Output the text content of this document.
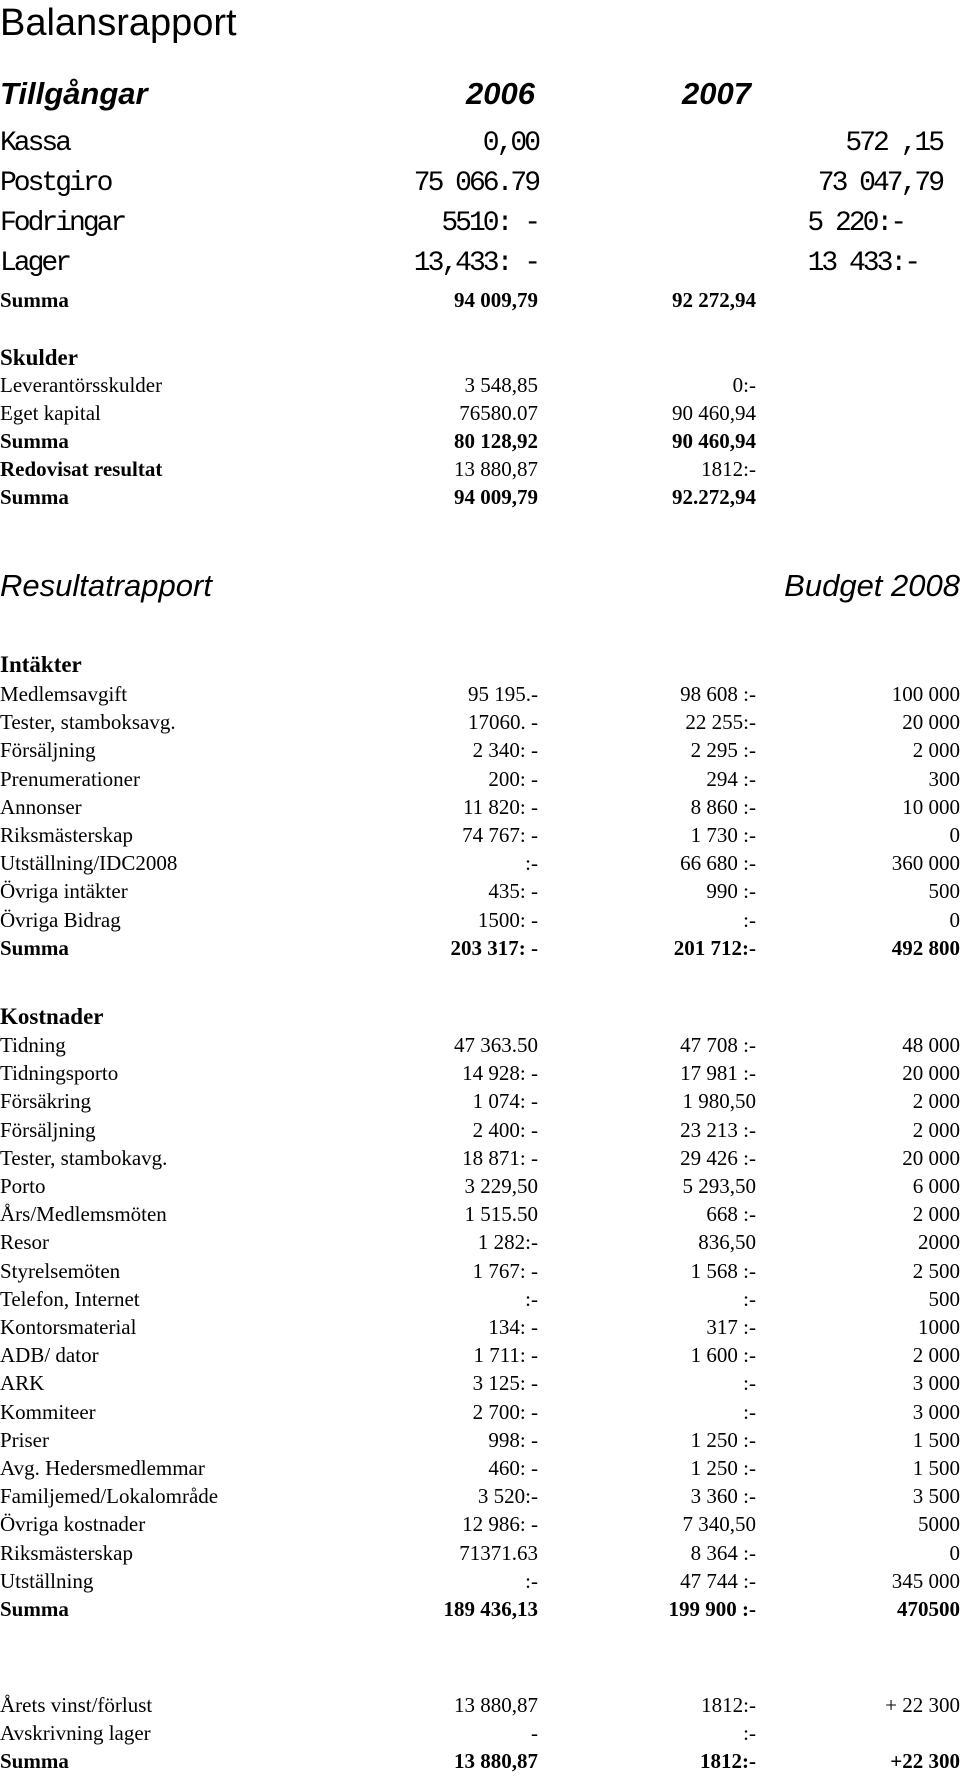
Balansrapport
Tillgångar	2006	2007
Kassa	0,00	572 ,15
Postgiro	75 066.79	73 047,79
Fodringar	5510: -	5 220:-
Lager	13,433: -	13 433:-
Summa	94 009,79	92 272,94
Skulder
Leverantörsskulder	3 548,85	0:-
Eget kapital	76580.07	90 460,94
Summa	80 128,92	90 460,94
Redovisat resultat	13 880,87	1812:-
Summa	94 009,79	92.272,94
Resultatrapport	Budget 2008
Intäkter
Medlemsavgift	95 195.-	98 608 :-	100 000
Tester, stamboksavg.	17060. -	22 255:-	20 000
Försäljning	2 340: -	2 295 :-	2 000
Prenumerationer	200: -	294 :-	300
Annonser	11 820: -	8 860 :-	10 000
Riksmästerskap	74 767: -	1 730 :-	0
Utställning/IDC2008	:-	66 680 :-	360 000
Övriga intäkter	435: -	990 :-	500
Övriga Bidrag	1500: -	:-	0
Summa	203 317: -	201 712:-	492 800
Kostnader
Tidning	47 363.50	47 708 :-	48 000
Tidningsporto	14 928: -	17 981 :-	20 000
Försäkring	1 074: -	1 980,50	2 000
Försäljning	2 400: -	23 213 :-	2 000
Tester, stambokavg.	18 871: -	29 426 :-	20 000
Porto	3 229,50	5 293,50	6 000
Års/Medlemsmöten	1 515.50	668 :-	2 000
Resor	1 282:-	836,50	2000
Styrelsemöten	1 767: -	1 568 :-	2 500
Telefon, Internet	:-	:-	500
Kontorsmaterial	134: -	317 :-	1000
ADB/ dator	1 711: -	1 600 :-	2 000
ARK	3 125: -	:-	3 000
Kommiteer	2 700: -	:-	3 000
Priser	998: -	1 250 :-	1 500
Avg. Hedersmedlemmar	460: -	1 250 :-	1 500
Familjemed/Lokalområde	3 520:-	3 360 :-	3 500
Övriga kostnader	12 986: -	7 340,50	5000
Riksmästerskap	71371.63	8 364 :-	0
Utställning	:-	47 744 :-	345 000
Summa	189 436,13	199 900 :-	470500
Årets vinst/förlust	13 880,87	1812:-	+ 22 300
Avskrivning lager	-	:-
Summa	13 880,87	1812:-	+22 300
